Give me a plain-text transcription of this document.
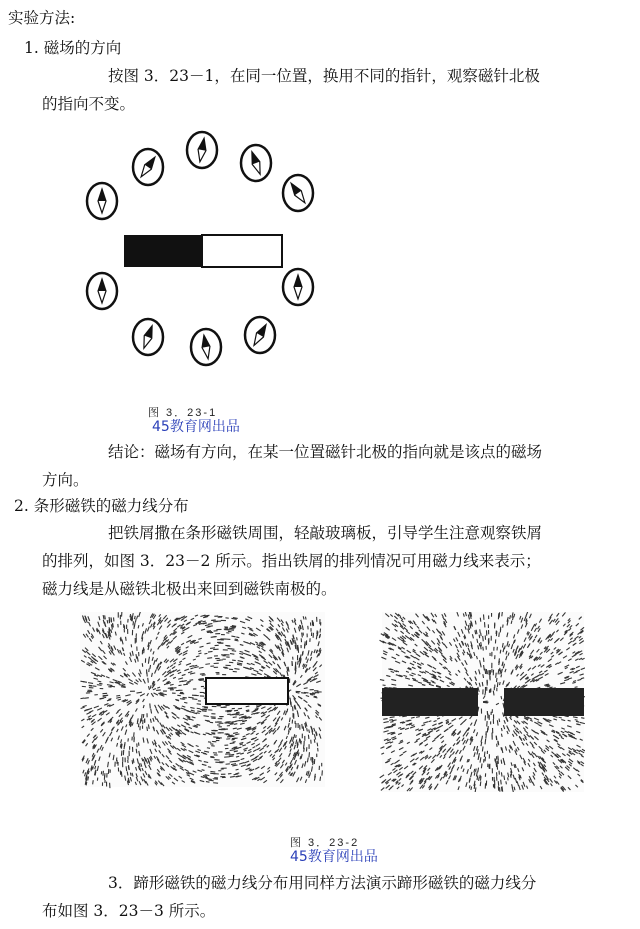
实验方法:
1. 磁场的方向
按图 3．23－1，在同一位置，换用不同的指针，观察磁针北极
的指向不变。
图 3．23-1
45教育网出品
结论：磁场有方向，在某一位置磁针北极的指向就是该点的磁场
方向。
2. 条形磁铁的磁力线分布
把铁屑撒在条形磁铁周围，轻敲玻璃板，引导学生注意观察铁屑
的排列，如图 3．23－2 所示。指出铁屑的排列情况可用磁力线来表示；
磁力线是从磁铁北极出来回到磁铁南极的。
图 3．23-2
45教育网出品
3．蹄形磁铁的磁力线分布用同样方法演示蹄形磁铁的磁力线分
布如图 3．23－3 所示。
